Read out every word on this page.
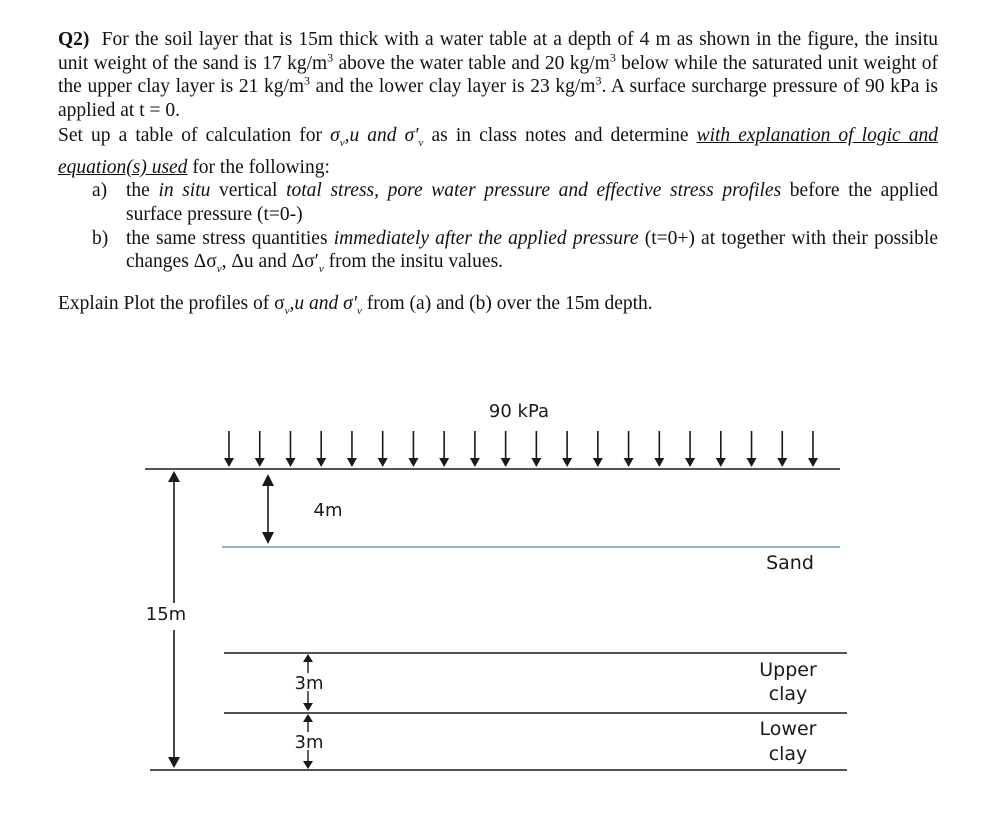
Q2) For the soil layer that is 15m thick with a water table at a depth of 4 m as shown in the figure, the insitu unit weight of the sand is 17 $kg/m^3$ above the water table and 20 $kg/m^3$ below while the saturated unit weight of the upper clay layer is 21 $kg/m^3$ and the lower clay layer is 23 $kg/m^3$. A surface surcharge pressure of 90 kPa is applied at t = 0.

Set up a table of calculation for $\sigma_v,u$ and $\sigma'_v$ as in class notes and determine with explanation of logic and equation(s) used for the following:

a) the in situ vertical total stress, pore water pressure and effective stress profiles before the applied surface pressure (t=0-)

b) the same stress quantities immediately after the applied pressure (t=0+) at together with their possible changes $\Delta\sigma_v$, Δu and $\Delta\sigma'_v$ from the insitu values.

Explain Plot the profiles of $\sigma_v,u$ and $\sigma'_v$ from (a) and (b) over the 15m depth.

90 kPa
15m
4m
Sand
3m
3m
Upper
clay
Lower
clay
